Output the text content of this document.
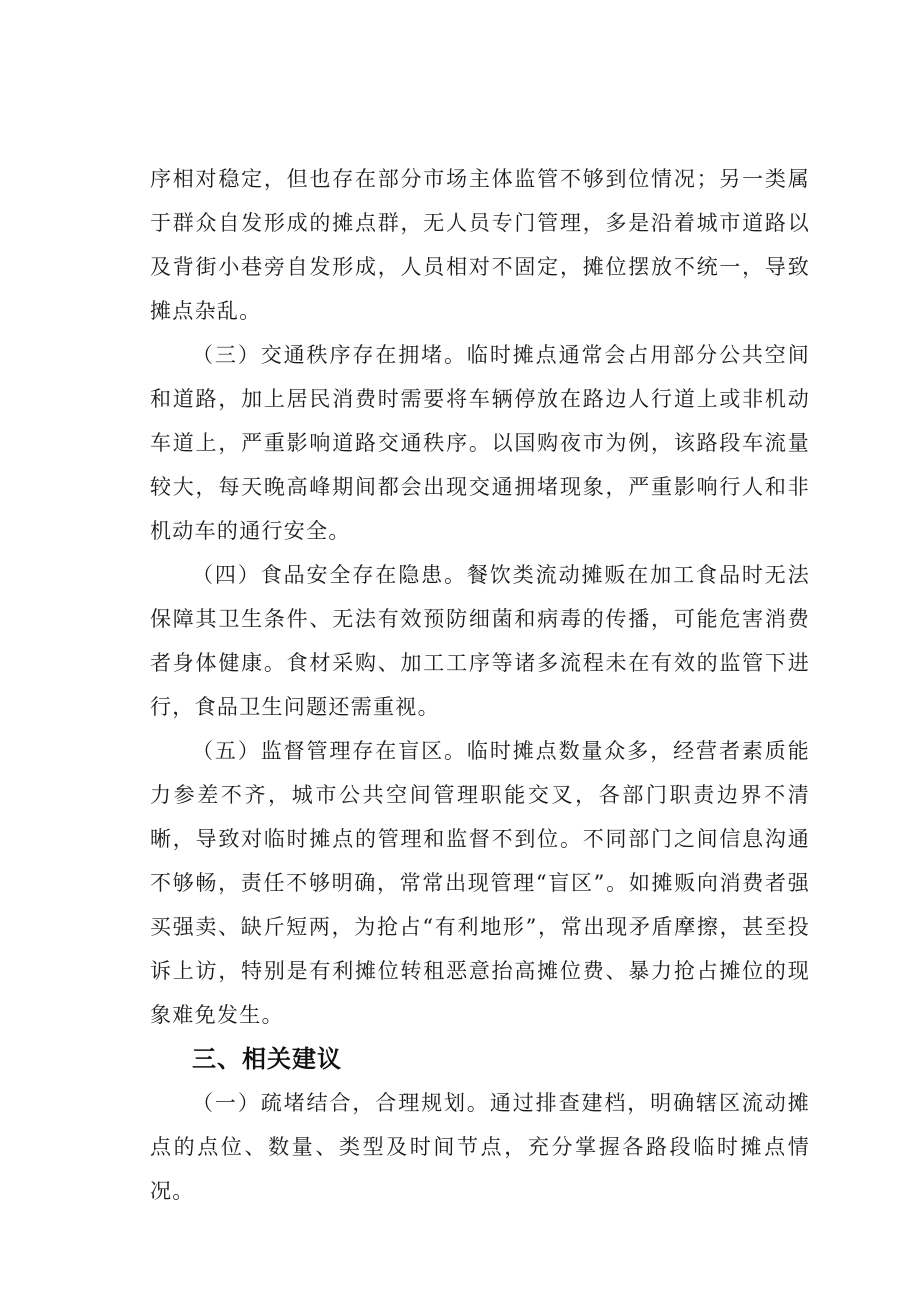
序相对稳定，但也存在部分市场主体监管不够到位情况；另一类属于群众自发形成的摊点群，无人员专门管理，多是沿着城市道路以及背街小巷旁自发形成，人员相对不固定，摊位摆放不统一，导致摊点杂乱。

（三）交通秩序存在拥堵。临时摊点通常会占用部分公共空间和道路，加上居民消费时需要将车辆停放在路边人行道上或非机动车道上，严重影响道路交通秩序。以国购夜市为例，该路段车流量较大，每天晚高峰期间都会出现交通拥堵现象，严重影响行人和非机动车的通行安全。

（四）食品安全存在隐患。餐饮类流动摊贩在加工食品时无法保障其卫生条件、无法有效预防细菌和病毒的传播，可能危害消费者身体健康。食材采购、加工工序等诸多流程未在有效的监管下进行，食品卫生问题还需重视。

（五）监督管理存在盲区。临时摊点数量众多，经营者素质能力参差不齐，城市公共空间管理职能交叉，各部门职责边界不清晰，导致对临时摊点的管理和监督不到位。不同部门之间信息沟通不够畅，责任不够明确，常常出现管理“盲区”。如摊贩向消费者强买强卖、缺斤短两，为抢占“有利地形”，常出现矛盾摩擦，甚至投诉上访，特别是有利摊位转租恶意抬高摊位费、暴力抢占摊位的现象难免发生。

三、相关建议

（一）疏堵结合，合理规划。通过排查建档，明确辖区流动摊点的点位、数量、类型及时间节点，充分掌握各路段临时摊点情况。
